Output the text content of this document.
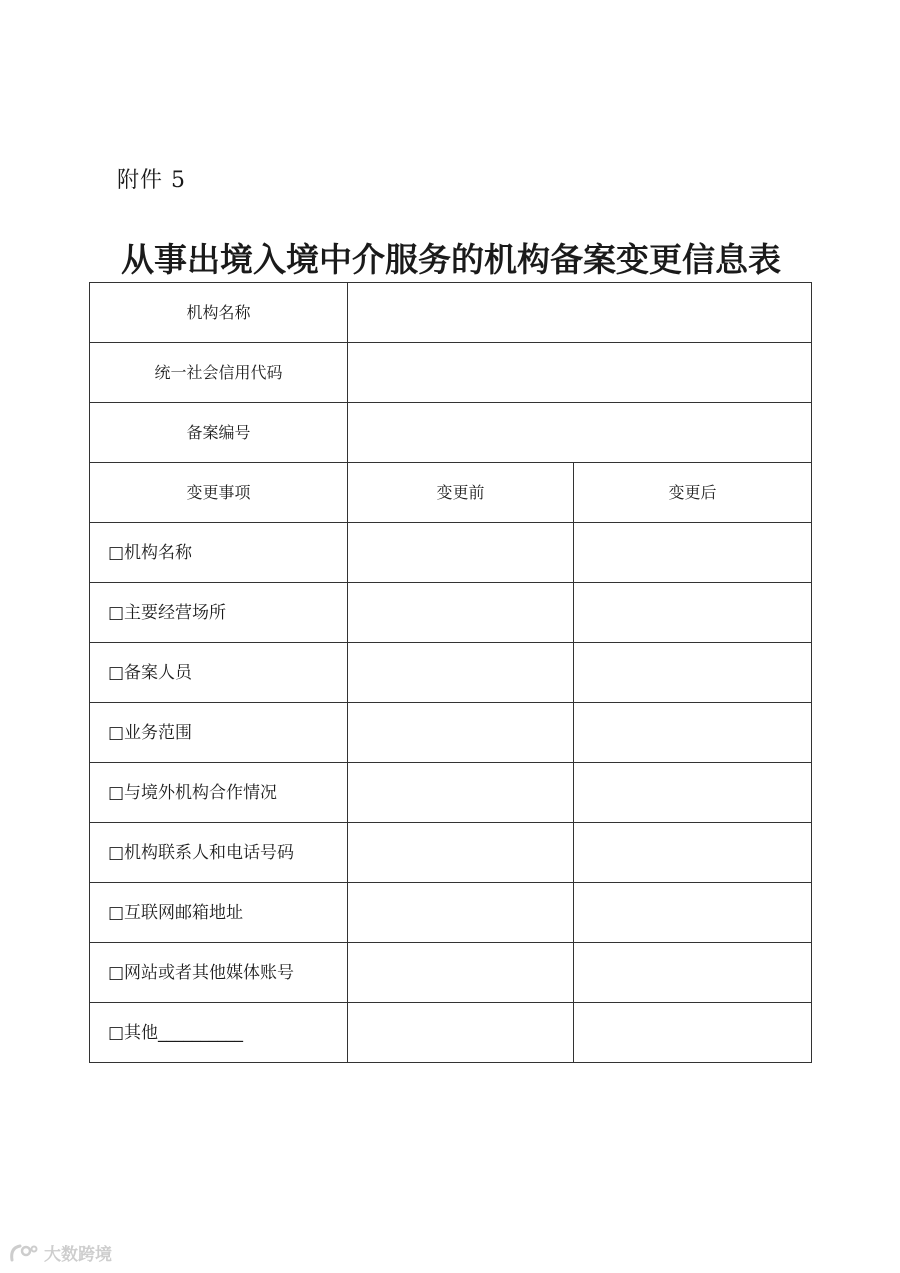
附件 5
从事出境入境中介服务的机构备案变更信息表
机构名称		
统一社会信用代码		
备案编号		
变更事项	变更前	变更后
□机构名称		
□主要经营场所		
□备案人员		
□业务范围		
□与境外机构合作情况		
□机构联系人和电话号码		
□互联网邮箱地址		
□网站或者其他媒体账号		
□其他__________		
大数跨境
